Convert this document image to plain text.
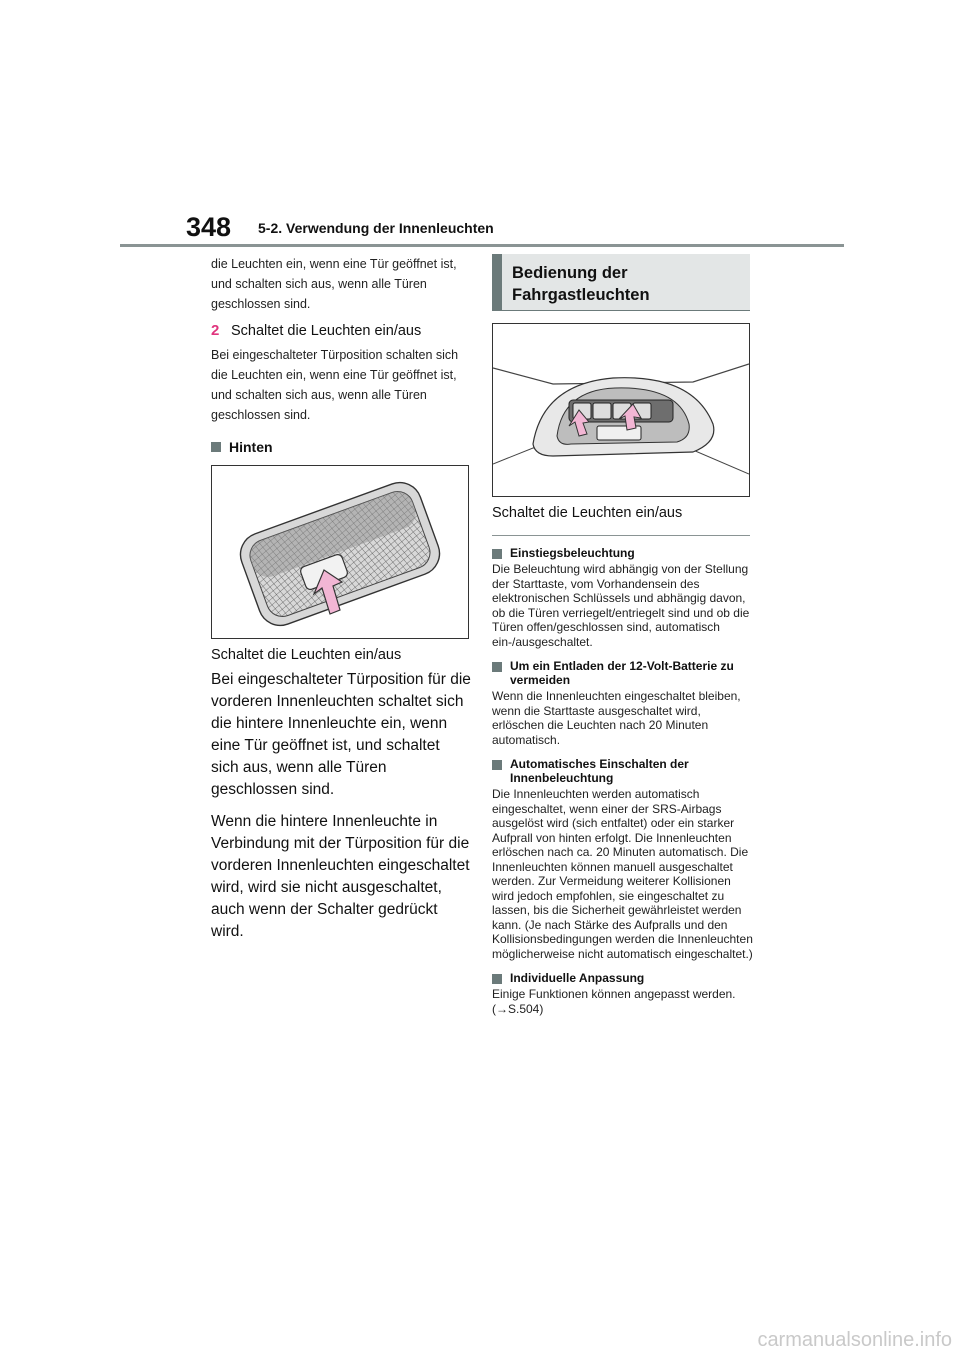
348 5-2. Verwendung der Innenleuchten

die Leuchten ein, wenn eine Tür geöffnet ist, und schalten sich aus, wenn alle Türen geschlossen sind.

2 Schaltet die Leuchten ein/aus

Bei eingeschalteter Türposition schalten sich die Leuchten ein, wenn eine Tür geöffnet ist, und schalten sich aus, wenn alle Türen geschlossen sind.

Hinten

Schaltet die Leuchten ein/aus

Bei eingeschalteter Türposition für die vorderen Innenleuchten schaltet sich die hintere Innenleuchte ein, wenn eine Tür geöffnet ist, und schaltet sich aus, wenn alle Türen geschlossen sind.

Wenn die hintere Innenleuchte in Verbindung mit der Türposition für die vorderen Innenleuchten eingeschaltet wird, wird sie nicht ausgeschaltet, auch wenn der Schalter gedrückt wird.

Bedienung der Fahrgastleuchten

Schaltet die Leuchten ein/aus

Einstiegsbeleuchtung

Die Beleuchtung wird abhängig von der Stellung der Starttaste, vom Vorhandensein des elektronischen Schlüssels und abhängig davon, ob die Türen verriegelt/entriegelt sind und ob die Türen offen/geschlossen sind, automatisch ein-/ausgeschaltet.

Um ein Entladen der 12-Volt-Batterie zu vermeiden

Wenn die Innenleuchten eingeschaltet bleiben, wenn die Starttaste ausgeschaltet wird, erlöschen die Leuchten nach 20 Minuten automatisch.

Automatisches Einschalten der Innenbeleuchtung

Die Innenleuchten werden automatisch eingeschaltet, wenn einer der SRS-Airbags ausgelöst wird (sich entfaltet) oder ein starker Aufprall von hinten erfolgt. Die Innenleuchten erlöschen nach ca. 20 Minuten automatisch. Die Innenleuchten können manuell ausgeschaltet werden. Zur Vermeidung weiterer Kollisionen wird jedoch empfohlen, sie eingeschaltet zu lassen, bis die Sicherheit gewährleistet werden kann. (Je nach Stärke des Aufpralls und den Kollisionsbedingungen werden die Innenleuchten möglicherweise nicht automatisch eingeschaltet.)

Individuelle Anpassung

Einige Funktionen können angepasst werden. (→S.504)

carmanualsonline.info
